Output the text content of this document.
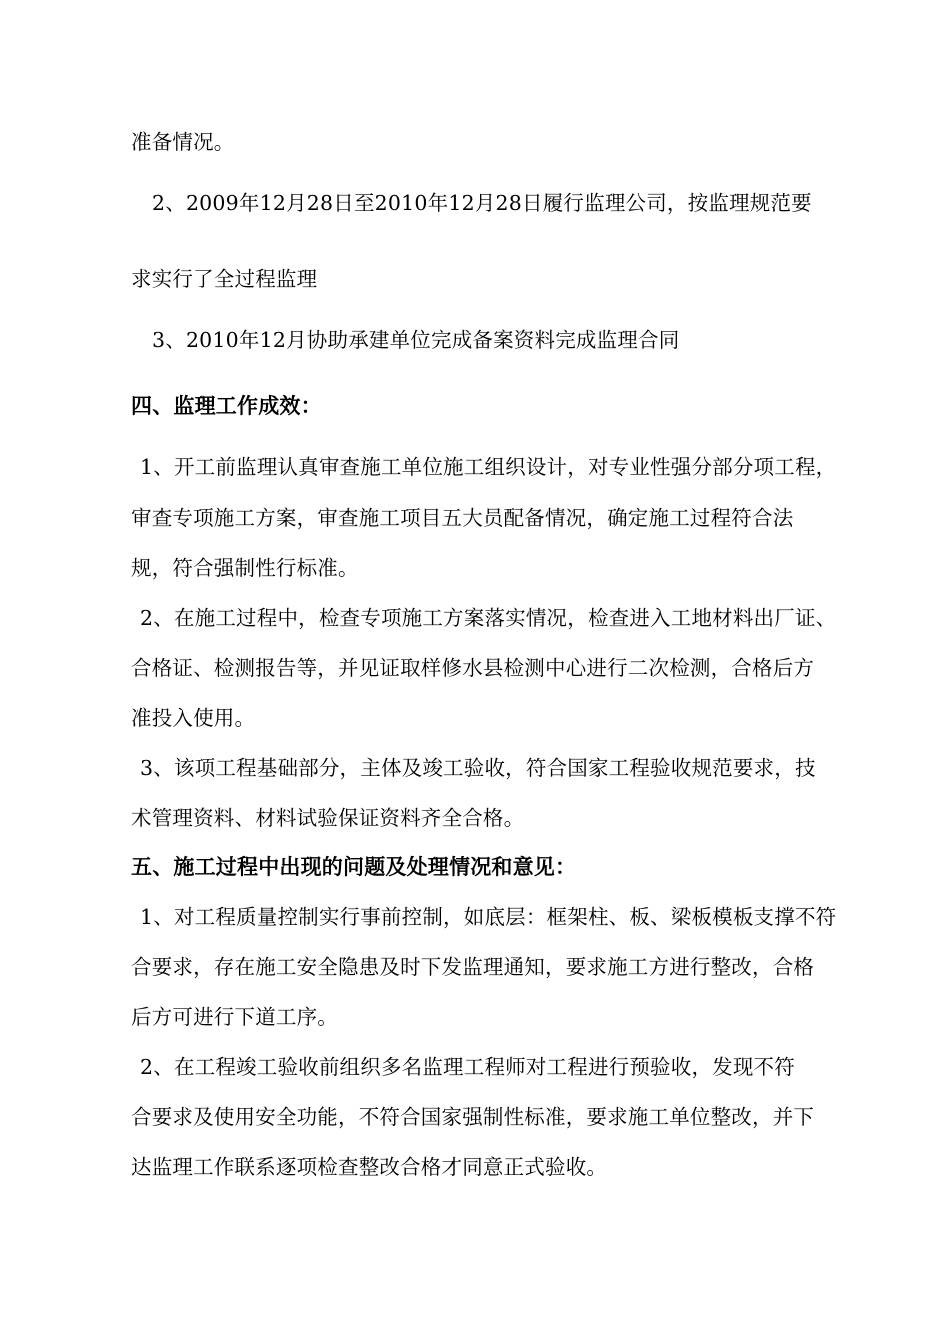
准备情况。
2、2009年12月28日至2010年12月28日履行监理公司，按监理规范要
求实行了全过程监理
3、2010年12月协助承建单位完成备案资料完成监理合同
四、监理工作成效：
1、开工前监理认真审查施工单位施工组织设计，对专业性强分部分项工程，
审查专项施工方案，审查施工项目五大员配备情况，确定施工过程符合法
规，符合强制性行标准。
2、在施工过程中，检查专项施工方案落实情况，检查进入工地材料出厂证、
合格证、检测报告等，并见证取样修水县检测中心进行二次检测，合格后方
准投入使用。
3、该项工程基础部分，主体及竣工验收，符合国家工程验收规范要求，技
术管理资料、材料试验保证资料齐全合格。
五、施工过程中出现的问题及处理情况和意见：
1、对工程质量控制实行事前控制，如底层：框架柱、板、梁板模板支撑不符
合要求，存在施工安全隐患及时下发监理通知，要求施工方进行整改，合格
后方可进行下道工序。
2、在工程竣工验收前组织多名监理工程师对工程进行预验收，发现不符
合要求及使用安全功能，不符合国家强制性标准，要求施工单位整改，并下
达监理工作联系逐项检查整改合格才同意正式验收。
